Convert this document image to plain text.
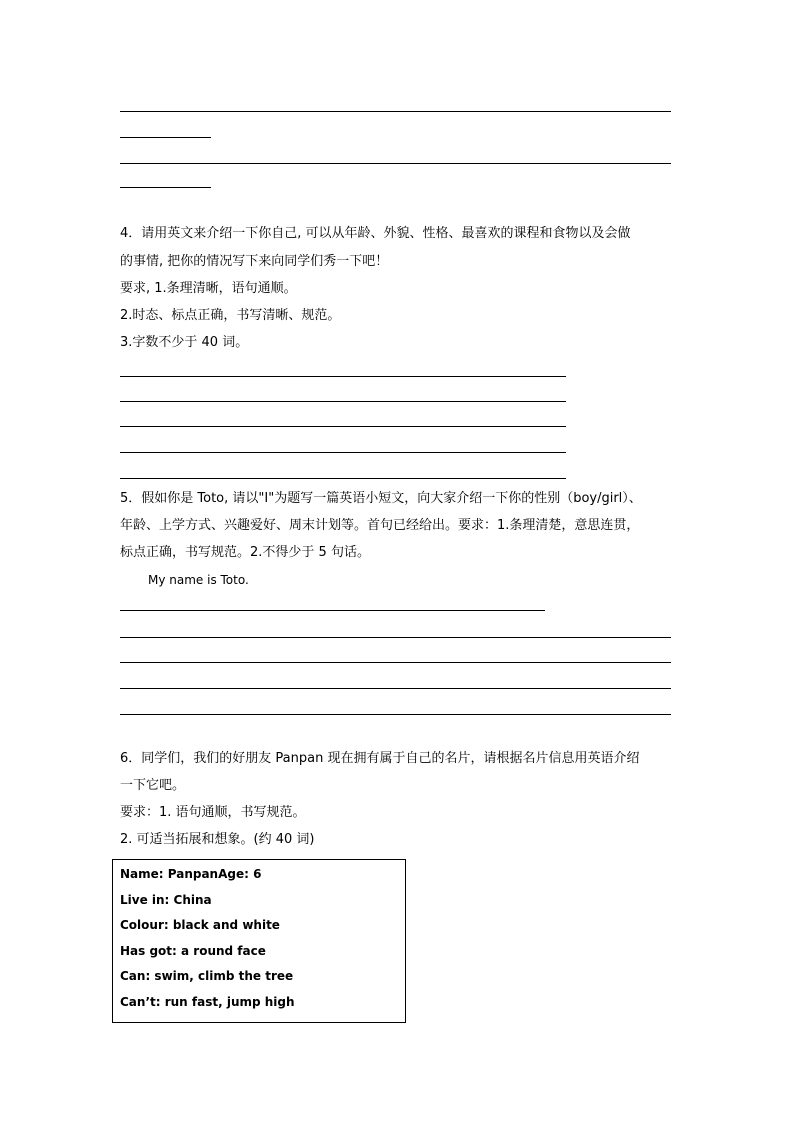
4．请用英文来介绍一下你自己, 可以从年龄、外貌、性格、最喜欢的课程和食物以及会做
的事情, 把你的情况写下来向同学们秀一下吧！
要求, 1.条理清晰，语句通顺。
2.时态、标点正确，书写清晰、规范。
3.字数不少于 40 词。
5．假如你是 Toto, 请以"I"为题写一篇英语小短文，向大家介绍一下你的性别（boy/girl）、
年龄、上学方式、兴趣爱好、周末计划等。首句已经给出。要求：1.条理清楚，意思连贯，
标点正确，书写规范。2.不得少于 5 句话。
My name is Toto.
6．同学们，我们的好朋友 Panpan 现在拥有属于自己的名片，请根据名片信息用英语介绍
一下它吧。
要求：1. 语句通顺，书写规范。
2. 可适当拓展和想象。(约 40 词)
Name: PanpanAge: 6
Live in: China
Colour: black and white
Has got: a round face
Can: swim, climb the tree
Can’t: run fast, jump high
